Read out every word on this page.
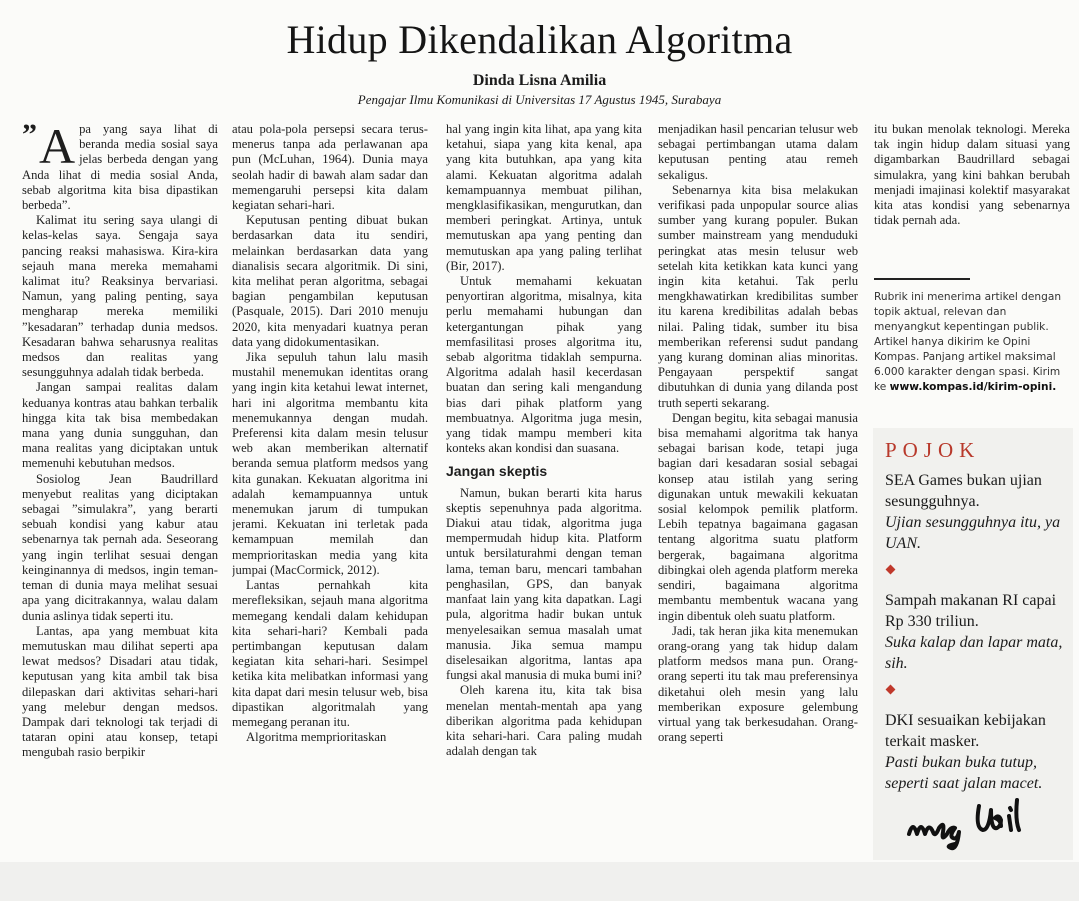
Hidup Dikendalikan Algoritma
Dinda Lisna Amilia
Pengajar Ilmu Komunikasi di Universitas 17 Agustus 1945, Surabaya

” A pa yang saya lihat di beranda media sosial saya jelas berbeda dengan yang Anda lihat di media sosial Anda, sebab algoritma kita bisa dipastikan berbeda”.

Kalimat itu sering saya ulangi di kelas-kelas saya. Sengaja saya pancing reaksi mahasiswa. Kira-kira sejauh mana mereka memahami kalimat itu? Reaksinya bervariasi. Namun, yang paling penting, saya mengharap mereka memiliki ”kesadaran” terhadap dunia medsos. Kesadaran bahwa seharusnya realitas medsos dan realitas yang sesungguhnya adalah tidak berbeda.

Jangan sampai realitas dalam keduanya kontras atau bahkan terbalik hingga kita tak bisa membedakan mana yang dunia sungguhan, dan mana realitas yang diciptakan untuk memenuhi kebutuhan medsos.

Sosiolog Jean Baudrillard menyebut realitas yang diciptakan sebagai ”simulakra”, yang berarti sebuah kondisi yang kabur atau sebenarnya tak pernah ada. Seseorang yang ingin terlihat sesuai dengan keinginannya di medsos, ingin teman-teman di dunia maya melihat sesuai apa yang dicitrakannya, walau dalam dunia aslinya tidak seperti itu.

Lantas, apa yang membuat kita memutuskan mau dilihat seperti apa lewat medsos? Disadari atau tidak, keputusan yang kita ambil tak bisa dilepaskan dari aktivitas sehari-hari yang melebur dengan medsos. Dampak dari teknologi tak terjadi di tataran opini atau konsep, tetapi mengubah rasio berpikir

atau pola-pola persepsi secara terus-menerus tanpa ada perlawanan apa pun (McLuhan, 1964). Dunia maya seolah hadir di bawah alam sadar dan memengaruhi persepsi kita dalam kegiatan sehari-hari.

Keputusan penting dibuat bukan berdasarkan data itu sendiri, melainkan berdasarkan data yang dianalisis secara algoritmik. Di sini, kita melihat peran algoritma, sebagai bagian pengambilan keputusan (Pasquale, 2015). Dari 2010 menuju 2020, kita menyadari kuatnya peran data yang didokumentasikan.

Jika sepuluh tahun lalu masih mustahil menemukan identitas orang yang ingin kita ketahui lewat internet, hari ini algoritma membantu kita menemukannya dengan mudah. Preferensi kita dalam mesin telusur web akan memberikan alternatif beranda semua platform medsos yang kita gunakan. Kekuatan algoritma ini adalah kemampuannya untuk menemukan jarum di tumpukan jerami. Kekuatan ini terletak pada kemampuan memilah dan memprioritaskan media yang kita jumpai (MacCormick, 2012).

Lantas pernahkah kita merefleksikan, sejauh mana algoritma memegang kendali dalam kehidupan kita sehari-hari? Kembali pada pertimbangan keputusan dalam kegiatan kita sehari-hari. Sesimpel ketika kita melibatkan informasi yang kita dapat dari mesin telusur web, bisa dipastikan algoritmalah yang memegang peranan itu.

Algoritma memprioritaskan

hal yang ingin kita lihat, apa yang kita ketahui, siapa yang kita kenal, apa yang kita butuhkan, apa yang kita alami. Kekuatan algoritma adalah kemampuannya membuat pilihan, mengklasifikasikan, mengurutkan, dan memberi peringkat. Artinya, untuk memutuskan apa yang penting dan memutuskan apa yang paling terlihat (Bir, 2017).

Untuk memahami kekuatan penyortiran algoritma, misalnya, kita perlu memahami hubungan dan ketergantungan pihak yang memfasilitasi proses algoritma itu, sebab algoritma tidaklah sempurna. Algoritma adalah hasil kecerdasan buatan dan sering kali mengandung bias dari pihak platform yang membuatnya. Algoritma juga mesin, yang tidak mampu memberi kita konteks akan kondisi dan suasana.

Jangan skeptis

Namun, bukan berarti kita harus skeptis sepenuhnya pada algoritma. Diakui atau tidak, algoritma juga mempermudah hidup kita. Platform untuk bersilaturahmi dengan teman lama, teman baru, mencari tambahan penghasilan, GPS, dan banyak manfaat lain yang kita dapatkan. Lagi pula, algoritma hadir bukan untuk menyelesaikan semua masalah umat manusia. Jika semua mampu diselesaikan algoritma, lantas apa fungsi akal manusia di muka bumi ini?

Oleh karena itu, kita tak bisa menelan mentah-mentah apa yang diberikan algoritma pada kehidupan kita sehari-hari. Cara paling mudah adalah dengan tak

menjadikan hasil pencarian telusur web sebagai pertimbangan utama dalam keputusan penting atau remeh sekaligus.

Sebenarnya kita bisa melakukan verifikasi pada unpopular source alias sumber yang kurang populer. Bukan sumber mainstream yang menduduki peringkat atas mesin telusur web setelah kita ketikkan kata kunci yang ingin kita ketahui. Tak perlu mengkhawatirkan kredibilitas sumber itu karena kredibilitas adalah bebas nilai. Paling tidak, sumber itu bisa memberikan referensi sudut pandang yang kurang dominan alias minoritas. Pengayaan perspektif sangat dibutuhkan di dunia yang dilanda post truth seperti sekarang.

Dengan begitu, kita sebagai manusia bisa memahami algoritma tak hanya sebagai barisan kode, tetapi juga bagian dari kesadaran sosial sebagai konsep atau istilah yang sering digunakan untuk mewakili kekuatan sosial kelompok pemilik platform. Lebih tepatnya bagaimana gagasan tentang algoritma suatu platform bergerak, bagaimana algoritma dibingkai oleh agenda platform mereka sendiri, bagaimana algoritma membantu membentuk wacana yang ingin dibentuk oleh suatu platform.

Jadi, tak heran jika kita menemukan orang-orang yang tak hidup dalam platform medsos mana pun. Orang-orang seperti itu tak mau preferensinya diketahui oleh mesin yang lalu memberikan exposure gelembung virtual yang tak berkesudahan. Orang-orang seperti

itu bukan menolak teknologi. Mereka tak ingin hidup dalam situasi yang digambarkan Baudrillard sebagai simulakra, yang kini bahkan berubah menjadi imajinasi kolektif masyarakat kita atas kondisi yang sebenarnya tidak pernah ada.

Rubrik ini menerima artikel dengan topik aktual, relevan dan menyangkut kepentingan publik. Artikel hanya dikirim ke Opini Kompas. Panjang artikel maksimal 6.000 karakter dengan spasi. Kirim ke www.kompas.id/kirim-opini.
POJOK
SEA Games bukan ujian sesungguhnya.
Ujian sesungguhnya itu, ya UAN.
Sampah makanan RI capai Rp 330 triliun.
Suka kalap dan lapar mata, sih.
DKI sesuaikan kebijakan terkait masker.
Pasti bukan buka tutup, seperti saat jalan macet.
